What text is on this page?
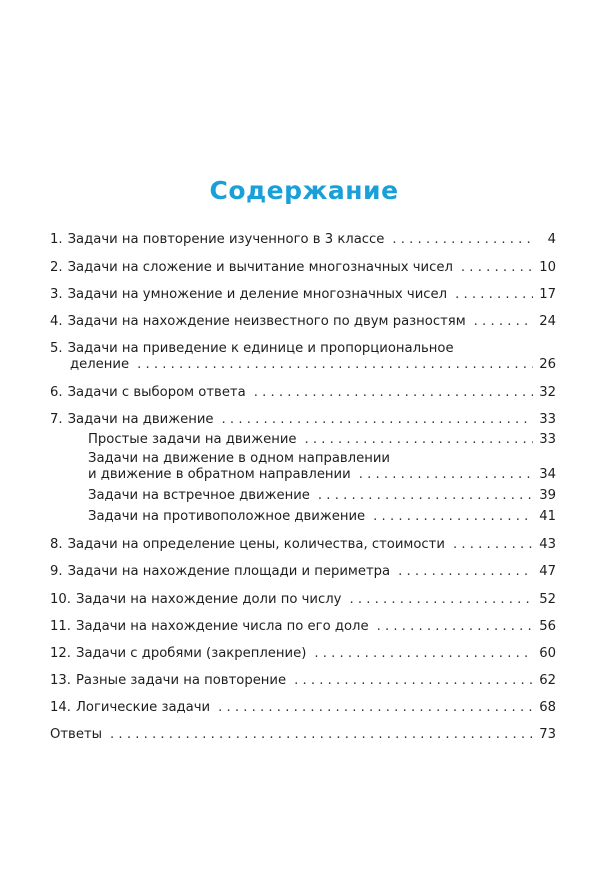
Содержание
1. Задачи на повторение изученного в 3 классе . . .	4
2. Задачи на сложение и вычитание многозначных чисел . . .	10
3. Задачи на умножение и деление многозначных чисел . . .	17
4. Задачи на нахождение неизвестного по двум разностям . . .	24
5. Задачи на приведение к единице и пропорциональное
деление . . .	26
6. Задачи с выбором ответа . . .	32
7. Задачи на движение . . .	33
Простые задачи на движение . . .	33
Задачи на движение в одном направлении
и движение в обратном направлении . . .	34
Задачи на встречное движение . . .	39
Задачи на противоположное движение . . .	41
8. Задачи на определение цены, количества, стоимости . . .	43
9. Задачи на нахождение площади и периметра . . .	47
10. Задачи на нахождение доли по числу . . .	52
11. Задачи на нахождение числа по его доле . . .	56
12. Задачи с дробями (закрепление) . . .	60
13. Разные задачи на повторение . . .	62
14. Логические задачи . . .	68
Ответы . . .	73
